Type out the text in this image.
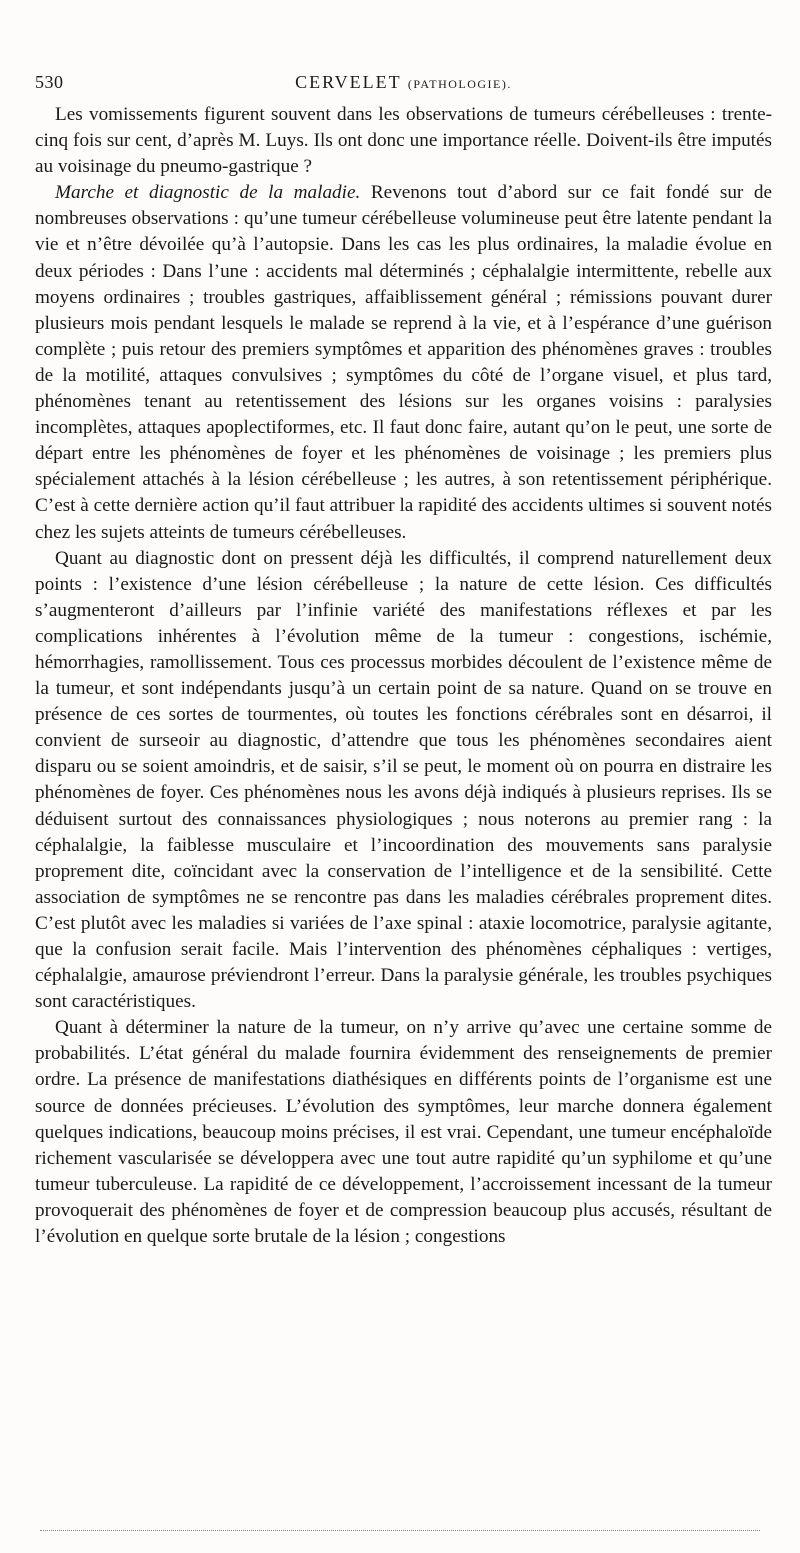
530	CERVELET (PATHOLOGIE).

Les vomissements figurent souvent dans les observations de tumeurs cérébelleuses : trente-cinq fois sur cent, d’après M. Luys. Ils ont donc une importance réelle. Doivent-ils être imputés au voisinage du pneumo-gastrique ?

Marche et diagnostic de la maladie. Revenons tout d’abord sur ce fait fondé sur de nombreuses observations : qu’une tumeur cérébelleuse volumineuse peut être latente pendant la vie et n’être dévoilée qu’à l’autopsie. Dans les cas les plus ordinaires, la maladie évolue en deux périodes : Dans l’une : accidents mal déterminés ; céphalalgie intermittente, rebelle aux moyens ordinaires ; troubles gastriques, affaiblissement général ; rémissions pouvant durer plusieurs mois pendant lesquels le malade se reprend à la vie, et à l’espérance d’une guérison complète ; puis retour des premiers symptômes et apparition des phénomènes graves : troubles de la motilité, attaques convulsives ; symptômes du côté de l’organe visuel, et plus tard, phénomènes tenant au retentissement des lésions sur les organes voisins : paralysies incomplètes, attaques apoplectiformes, etc. Il faut donc faire, autant qu’on le peut, une sorte de départ entre les phénomènes de foyer et les phénomènes de voisinage ; les premiers plus spécialement attachés à la lésion cérébelleuse ; les autres, à son retentissement périphérique. C’est à cette dernière action qu’il faut attribuer la rapidité des accidents ultimes si souvent notés chez les sujets atteints de tumeurs cérébelleuses.

Quant au diagnostic dont on pressent déjà les difficultés, il comprend naturellement deux points : l’existence d’une lésion cérébelleuse ; la nature de cette lésion. Ces difficultés s’augmenteront d’ailleurs par l’infinie variété des manifestations réflexes et par les complications inhérentes à l’évolution même de la tumeur : congestions, ischémie, hémorrhagies, ramollissement. Tous ces processus morbides découlent de l’existence même de la tumeur, et sont indépendants jusqu’à un certain point de sa nature. Quand on se trouve en présence de ces sortes de tourmentes, où toutes les fonctions cérébrales sont en désarroi, il convient de surseoir au diagnostic, d’attendre que tous les phénomènes secondaires aient disparu ou se soient amoindris, et de saisir, s’il se peut, le moment où on pourra en distraire les phénomènes de foyer. Ces phénomènes nous les avons déjà indiqués à plusieurs reprises. Ils se déduisent surtout des connaissances physiologiques ; nous noterons au premier rang : la céphalalgie, la faiblesse musculaire et l’incoordination des mouvements sans paralysie proprement dite, coïncidant avec la conservation de l’intelligence et de la sensibilité. Cette association de symptômes ne se rencontre pas dans les maladies cérébrales proprement dites. C’est plutôt avec les maladies si variées de l’axe spinal : ataxie locomotrice, paralysie agitante, que la confusion serait facile. Mais l’intervention des phénomènes céphaliques : vertiges, céphalalgie, amaurose préviendront l’erreur. Dans la paralysie générale, les troubles psychiques sont caractéristiques.

Quant à déterminer la nature de la tumeur, on n’y arrive qu’avec une certaine somme de probabilités. L’état général du malade fournira évidemment des renseignements de premier ordre. La présence de manifestations diathésiques en différents points de l’organisme est une source de données précieuses. L’évolution des symptômes, leur marche donnera également quelques indications, beaucoup moins précises, il est vrai. Cependant, une tumeur encéphaloïde richement vascularisée se développera avec une tout autre rapidité qu’un syphilome et qu’une tumeur tuberculeuse. La rapidité de ce développement, l’accroissement incessant de la tumeur provoquerait des phénomènes de foyer et de compression beaucoup plus accusés, résultant de l’évolution en quelque sorte brutale de la lésion ; congestions
